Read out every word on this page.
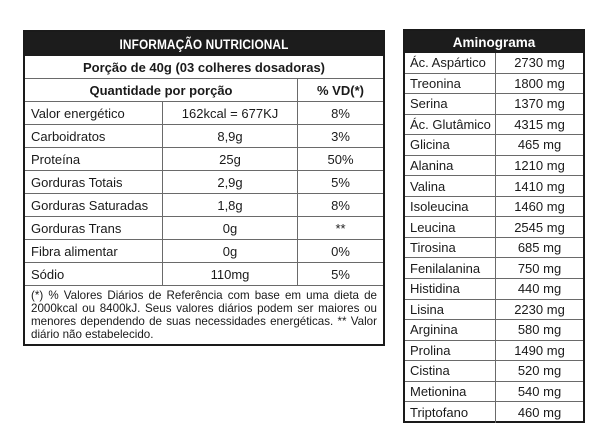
INFORMAÇÃO NUTRICIONAL
Porção de 40g (03 colheres dosadoras)
Quantidade por porção	% VD(*)
Valor energético	162kcal = 677KJ	8%
Carboidratos	8,9g	3%
Proteína	25g	50%
Gorduras Totais	2,9g	5%
Gorduras Saturadas	1,8g	8%
Gorduras Trans	0g	**
Fibra alimentar	0g	0%
Sódio	110mg	5%
(*) % Valores Diários de Referência com base em uma dieta de 2000kcal ou 8400kJ. Seus valores diários podem ser maiores ou menores dependendo de suas necessidades energéticas. ** Valor diário não estabelecido.
Aminograma
Ác. Aspártico	2730 mg
Treonina	1800 mg
Serina	1370 mg
Ác. Glutâmico	4315 mg
Glicina	465 mg
Alanina	1210 mg
Valina	1410 mg
Isoleucina	1460 mg
Leucina	2545 mg
Tirosina	685 mg
Fenilalanina	750 mg
Histidina	440 mg
Lisina	2230 mg
Arginina	580 mg
Prolina	1490 mg
Cistina	520 mg
Metionina	540 mg
Triptofano	460 mg
